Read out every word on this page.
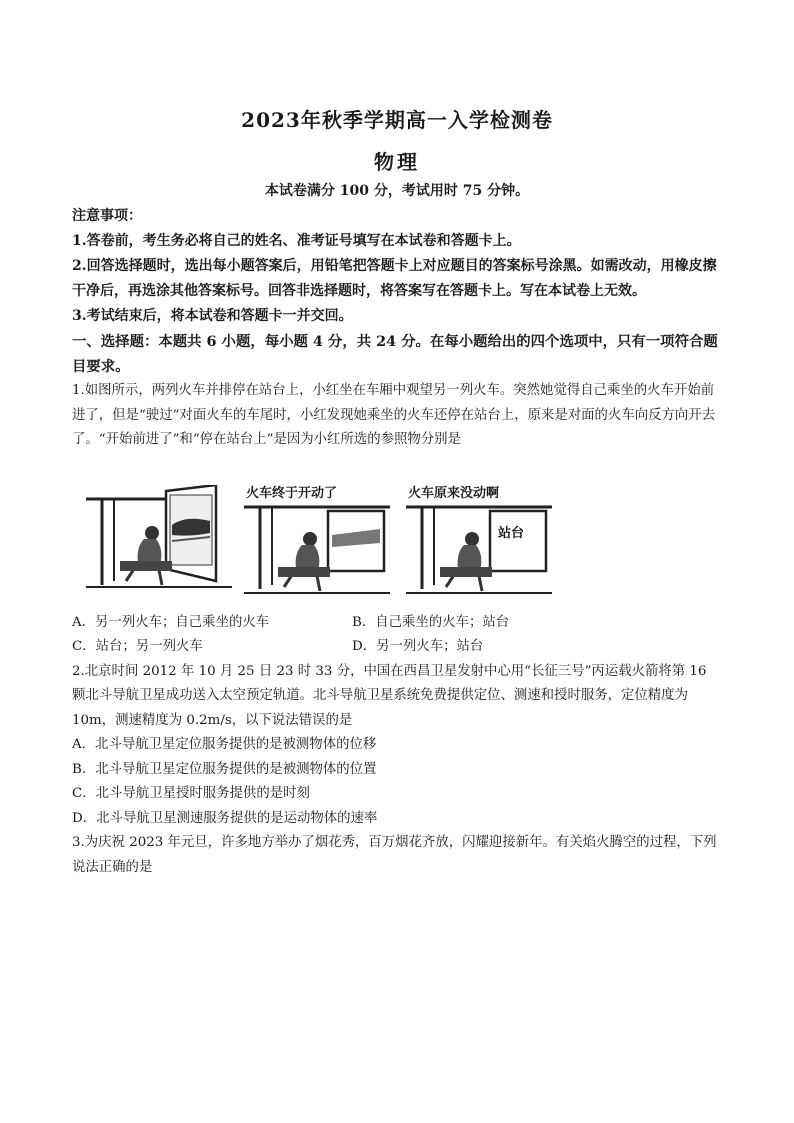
2023年秋季学期高一入学检测卷
物理
本试卷满分 100 分，考试用时 75 分钟。

注意事项：

1.答卷前，考生务必将自己的姓名、准考证号填写在本试卷和答题卡上。

2.回答选择题时，选出每小题答案后，用铅笔把答题卡上对应题目的答案标号涂黑。如需改动，用橡皮擦干净后，再选涂其他答案标号。回答非选择题时，将答案写在答题卡上。写在本试卷上无效。

3.考试结束后，将本试卷和答题卡一并交回。

一、选择题：本题共 6 小题，每小题 4 分，共 24 分。在每小题给出的四个选项中，只有一项符合题目要求。

1.如图所示，两列火车并排停在站台上，小红坐在车厢中观望另一列火车。突然她觉得自己乘坐的火车开始前进了，但是“驶过”对面火车的车尾时，小红发现她乘坐的火车还停在站台上，原来是对面的火车向反方向开去了。“开始前进了”和“停在站台上”是因为小红所选的参照物分别是

火车终于开动了	火车原来没动啊
站台
A．另一列火车；自己乘坐的火车	B．自己乘坐的火车；站台
C．站台；另一列火车	D．另一列火车；站台

2.北京时间 2012 年 10 月 25 日 23 时 33 分，中国在西昌卫星发射中心用“长征三号”丙运载火箭将第 16 颗北斗导航卫星成功送入太空预定轨道。北斗导航卫星系统免费提供定位、测速和授时服务，定位精度为 10m，测速精度为 0.2m/s，以下说法错误的是

A．北斗导航卫星定位服务提供的是被测物体的位移

B．北斗导航卫星定位服务提供的是被测物体的位置

C．北斗导航卫星授时服务提供的是时刻

D．北斗导航卫星测速服务提供的是运动物体的速率

3.为庆祝 2023 年元旦，许多地方举办了烟花秀，百万烟花齐放，闪耀迎接新年。有关焰火腾空的过程，下列说法正确的是
